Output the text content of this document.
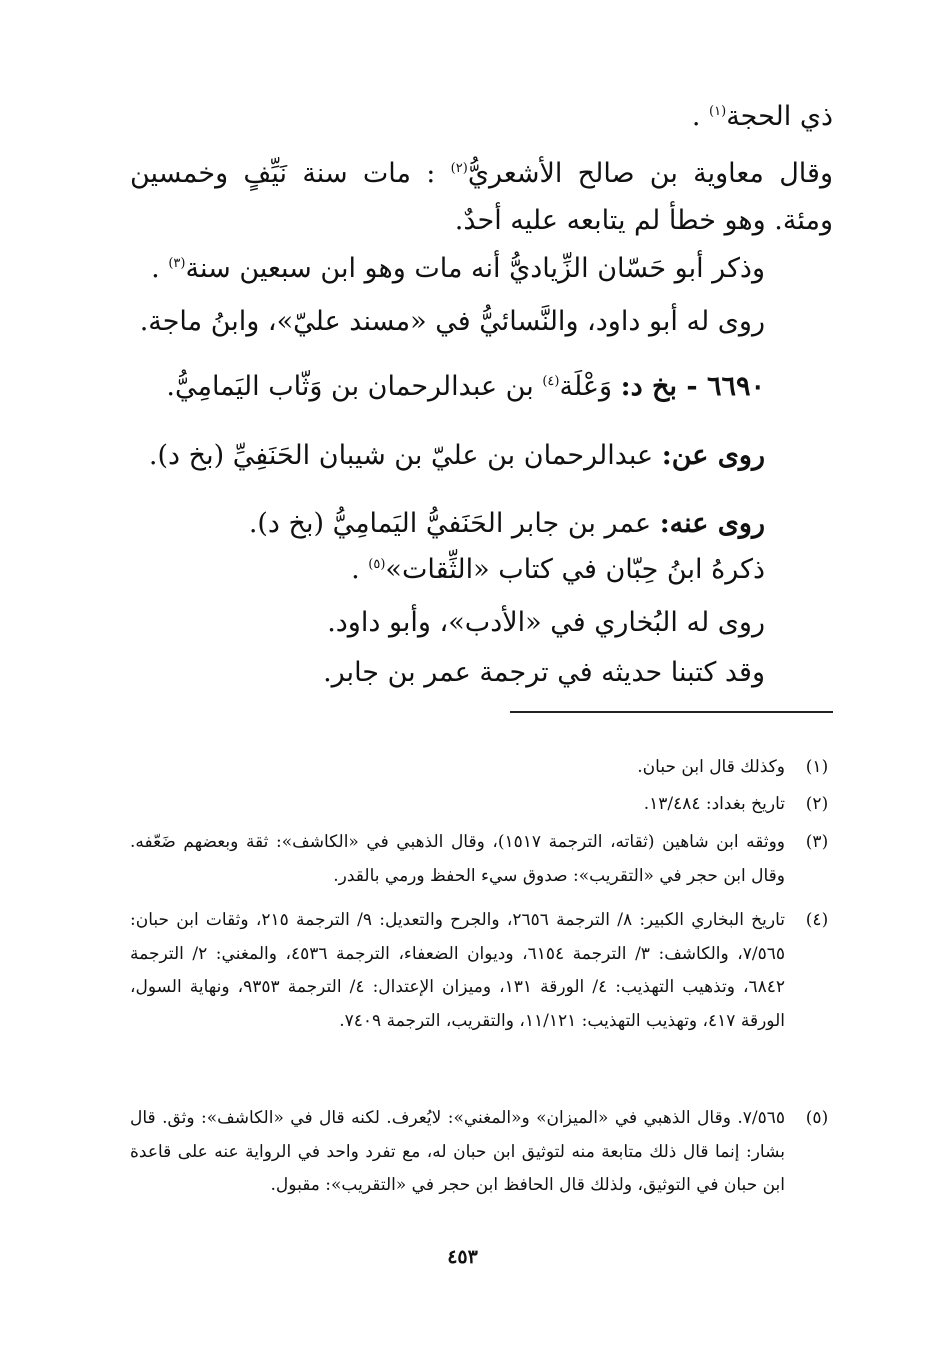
ذي الحجة$^{(١)}$ .
وقال معاوية بن صالح الأشعريُّ$^{(٢)}$ : مات سنة نَيِّفٍ وخمسين
ومئة. وهو خطأ لم يتابعه عليه أحدٌ.
وذكر أبو حَسّان الزِّياديُّ أنه مات وهو ابن سبعين سنة$^{(٣)}$ .
روى له أبو داود، والنَّسائيُّ في «مسند عليّ»، وابنُ ماجة.
٦٦٩٠ - بخ د: وَعْلَة$^{(٤)}$ بن عبدالرحمان بن وَثّاب اليَمامِيُّ.
روى عن: عبدالرحمان بن عليّ بن شيبان الحَنَفِيِّ (بخ د).
روى عنه: عمر بن جابر الحَنَفيُّ اليَمامِيُّ (بخ د).
ذكرهُ ابنُ حِبّان في كتاب «الثِّقات»$^{(٥)}$ .
روى له البُخاري في «الأدب»، وأبو داود.
وقد كتبنا حديثه في ترجمة عمر بن جابر.
(١)
وكذلك قال ابن حبان.
(٢)
تاريخ بغداد: ١٣/٤٨٤.
(٣)
ووثقه ابن شاهين (ثقاته، الترجمة ١٥١٧)، وقال الذهبي في «الكاشف»: ثقة وبعضهم ضَعّفه. وقال ابن حجر في «التقريب»: صدوق سيء الحفظ ورمي بالقدر.
(٤)
تاريخ البخاري الكبير: ٨/ الترجمة ٢٦٥٦، والجرح والتعديل: ٩/ الترجمة ٢١٥، وثقات ابن حبان: ٧/٥٦٥، والكاشف: ٣/ الترجمة ٦١٥٤، وديوان الضعفاء، الترجمة ٤٥٣٦، والمغني: ٢/ الترجمة ٦٨٤٢، وتذهيب التهذيب: ٤/ الورقة ١٣١، وميزان الإعتدال: ٤/ الترجمة ٩٣٥٣، ونهاية السول، الورقة ٤١٧، وتهذيب التهذيب: ١١/١٢١، والتقريب، الترجمة ٧٤٠٩.
(٥)
٧/٥٦٥. وقال الذهبي في «الميزان» و«المغني»: لايُعرف. لكنه قال في «الكاشف»: وثق. قال بشار: إنما قال ذلك متابعة منه لتوثيق ابن حبان له، مع تفرد واحد في الرواية عنه على قاعدة ابن حبان في التوثيق، ولذلك قال الحافظ ابن حجر في «التقريب»: مقبول.
٤٥٣
